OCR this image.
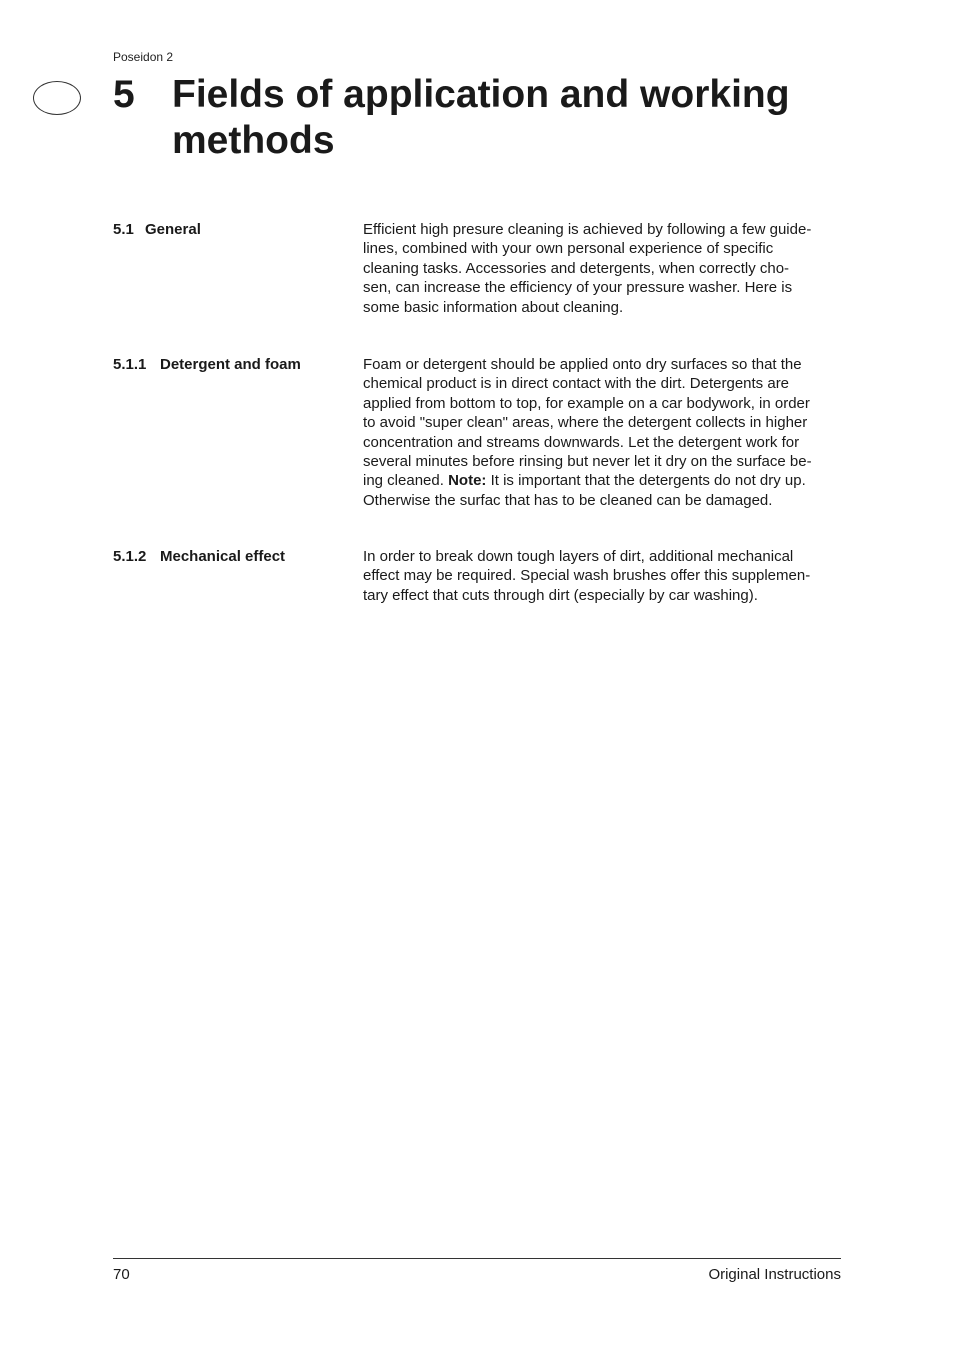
Poseidon 2
5 Fields of application and working
methods
5.1 General	Efficient high presure cleaning is achieved by following a few guide-
lines, combined with your own personal experience of specific
cleaning tasks. Accessories and detergents, when correctly cho-
sen, can increase the efficiency of your pressure washer. Here is
some basic information about cleaning.
5.1.1 Detergent and foam	Foam or detergent should be applied onto dry surfaces so that the
chemical product is in direct contact with the dirt. Detergents are
applied from bottom to top, for example on a car bodywork, in order
to avoid "super clean" areas, where the detergent collects in higher
concentration and streams downwards. Let the detergent work for
several minutes before rinsing but never let it dry on the surface be-
ing cleaned. Note: It is important that the detergents do not dry up.
Otherwise the surfac that has to be cleaned can be damaged.
5.1.2 Mechanical effect	In order to break down tough layers of dirt, additional mechanical
effect may be required. Special wash brushes offer this supplemen-
tary effect that cuts through dirt (especially by car washing).
70	Original Instructions
